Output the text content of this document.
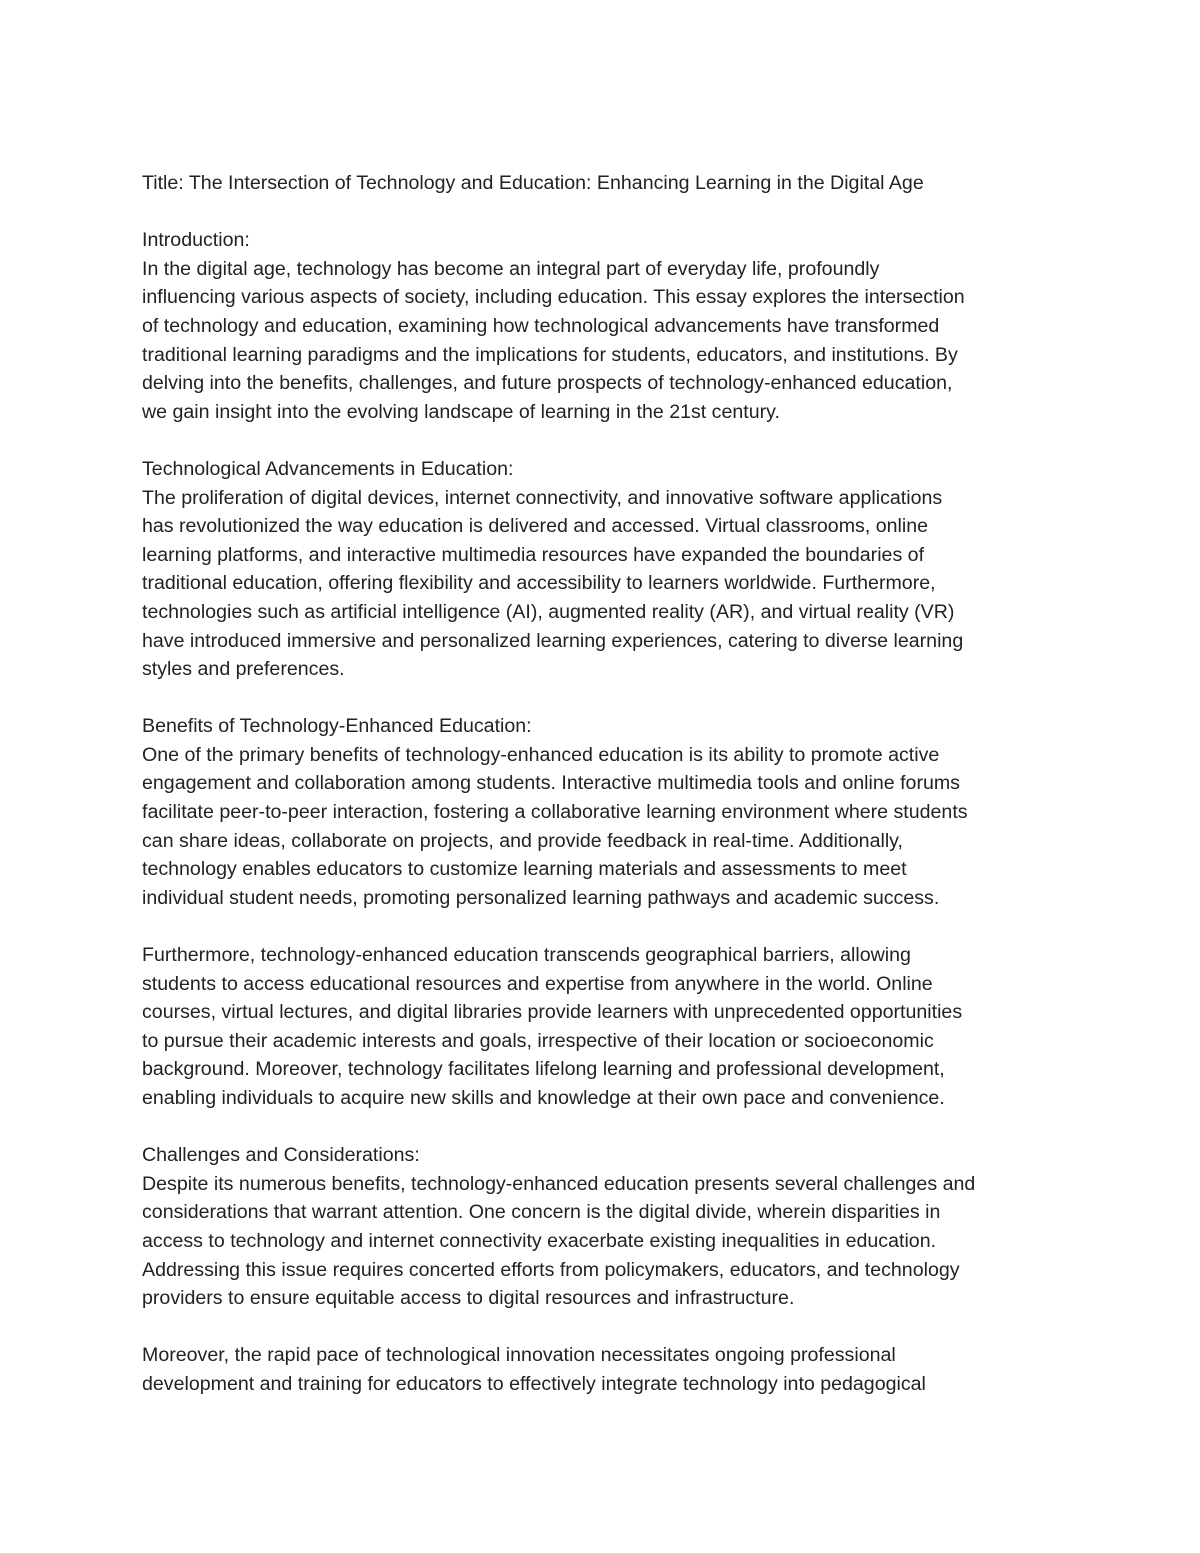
Title: The Intersection of Technology and Education: Enhancing Learning in the Digital Age
Introduction:
In the digital age, technology has become an integral part of everyday life, profoundly
influencing various aspects of society, including education. This essay explores the intersection
of technology and education, examining how technological advancements have transformed
traditional learning paradigms and the implications for students, educators, and institutions. By
delving into the benefits, challenges, and future prospects of technology-enhanced education,
we gain insight into the evolving landscape of learning in the 21st century.
Technological Advancements in Education:
The proliferation of digital devices, internet connectivity, and innovative software applications
has revolutionized the way education is delivered and accessed. Virtual classrooms, online
learning platforms, and interactive multimedia resources have expanded the boundaries of
traditional education, offering flexibility and accessibility to learners worldwide. Furthermore,
technologies such as artificial intelligence (AI), augmented reality (AR), and virtual reality (VR)
have introduced immersive and personalized learning experiences, catering to diverse learning
styles and preferences.
Benefits of Technology-Enhanced Education:
One of the primary benefits of technology-enhanced education is its ability to promote active
engagement and collaboration among students. Interactive multimedia tools and online forums
facilitate peer-to-peer interaction, fostering a collaborative learning environment where students
can share ideas, collaborate on projects, and provide feedback in real-time. Additionally,
technology enables educators to customize learning materials and assessments to meet
individual student needs, promoting personalized learning pathways and academic success.
Furthermore, technology-enhanced education transcends geographical barriers, allowing
students to access educational resources and expertise from anywhere in the world. Online
courses, virtual lectures, and digital libraries provide learners with unprecedented opportunities
to pursue their academic interests and goals, irrespective of their location or socioeconomic
background. Moreover, technology facilitates lifelong learning and professional development,
enabling individuals to acquire new skills and knowledge at their own pace and convenience.
Challenges and Considerations:
Despite its numerous benefits, technology-enhanced education presents several challenges and
considerations that warrant attention. One concern is the digital divide, wherein disparities in
access to technology and internet connectivity exacerbate existing inequalities in education.
Addressing this issue requires concerted efforts from policymakers, educators, and technology
providers to ensure equitable access to digital resources and infrastructure.
Moreover, the rapid pace of technological innovation necessitates ongoing professional
development and training for educators to effectively integrate technology into pedagogical
